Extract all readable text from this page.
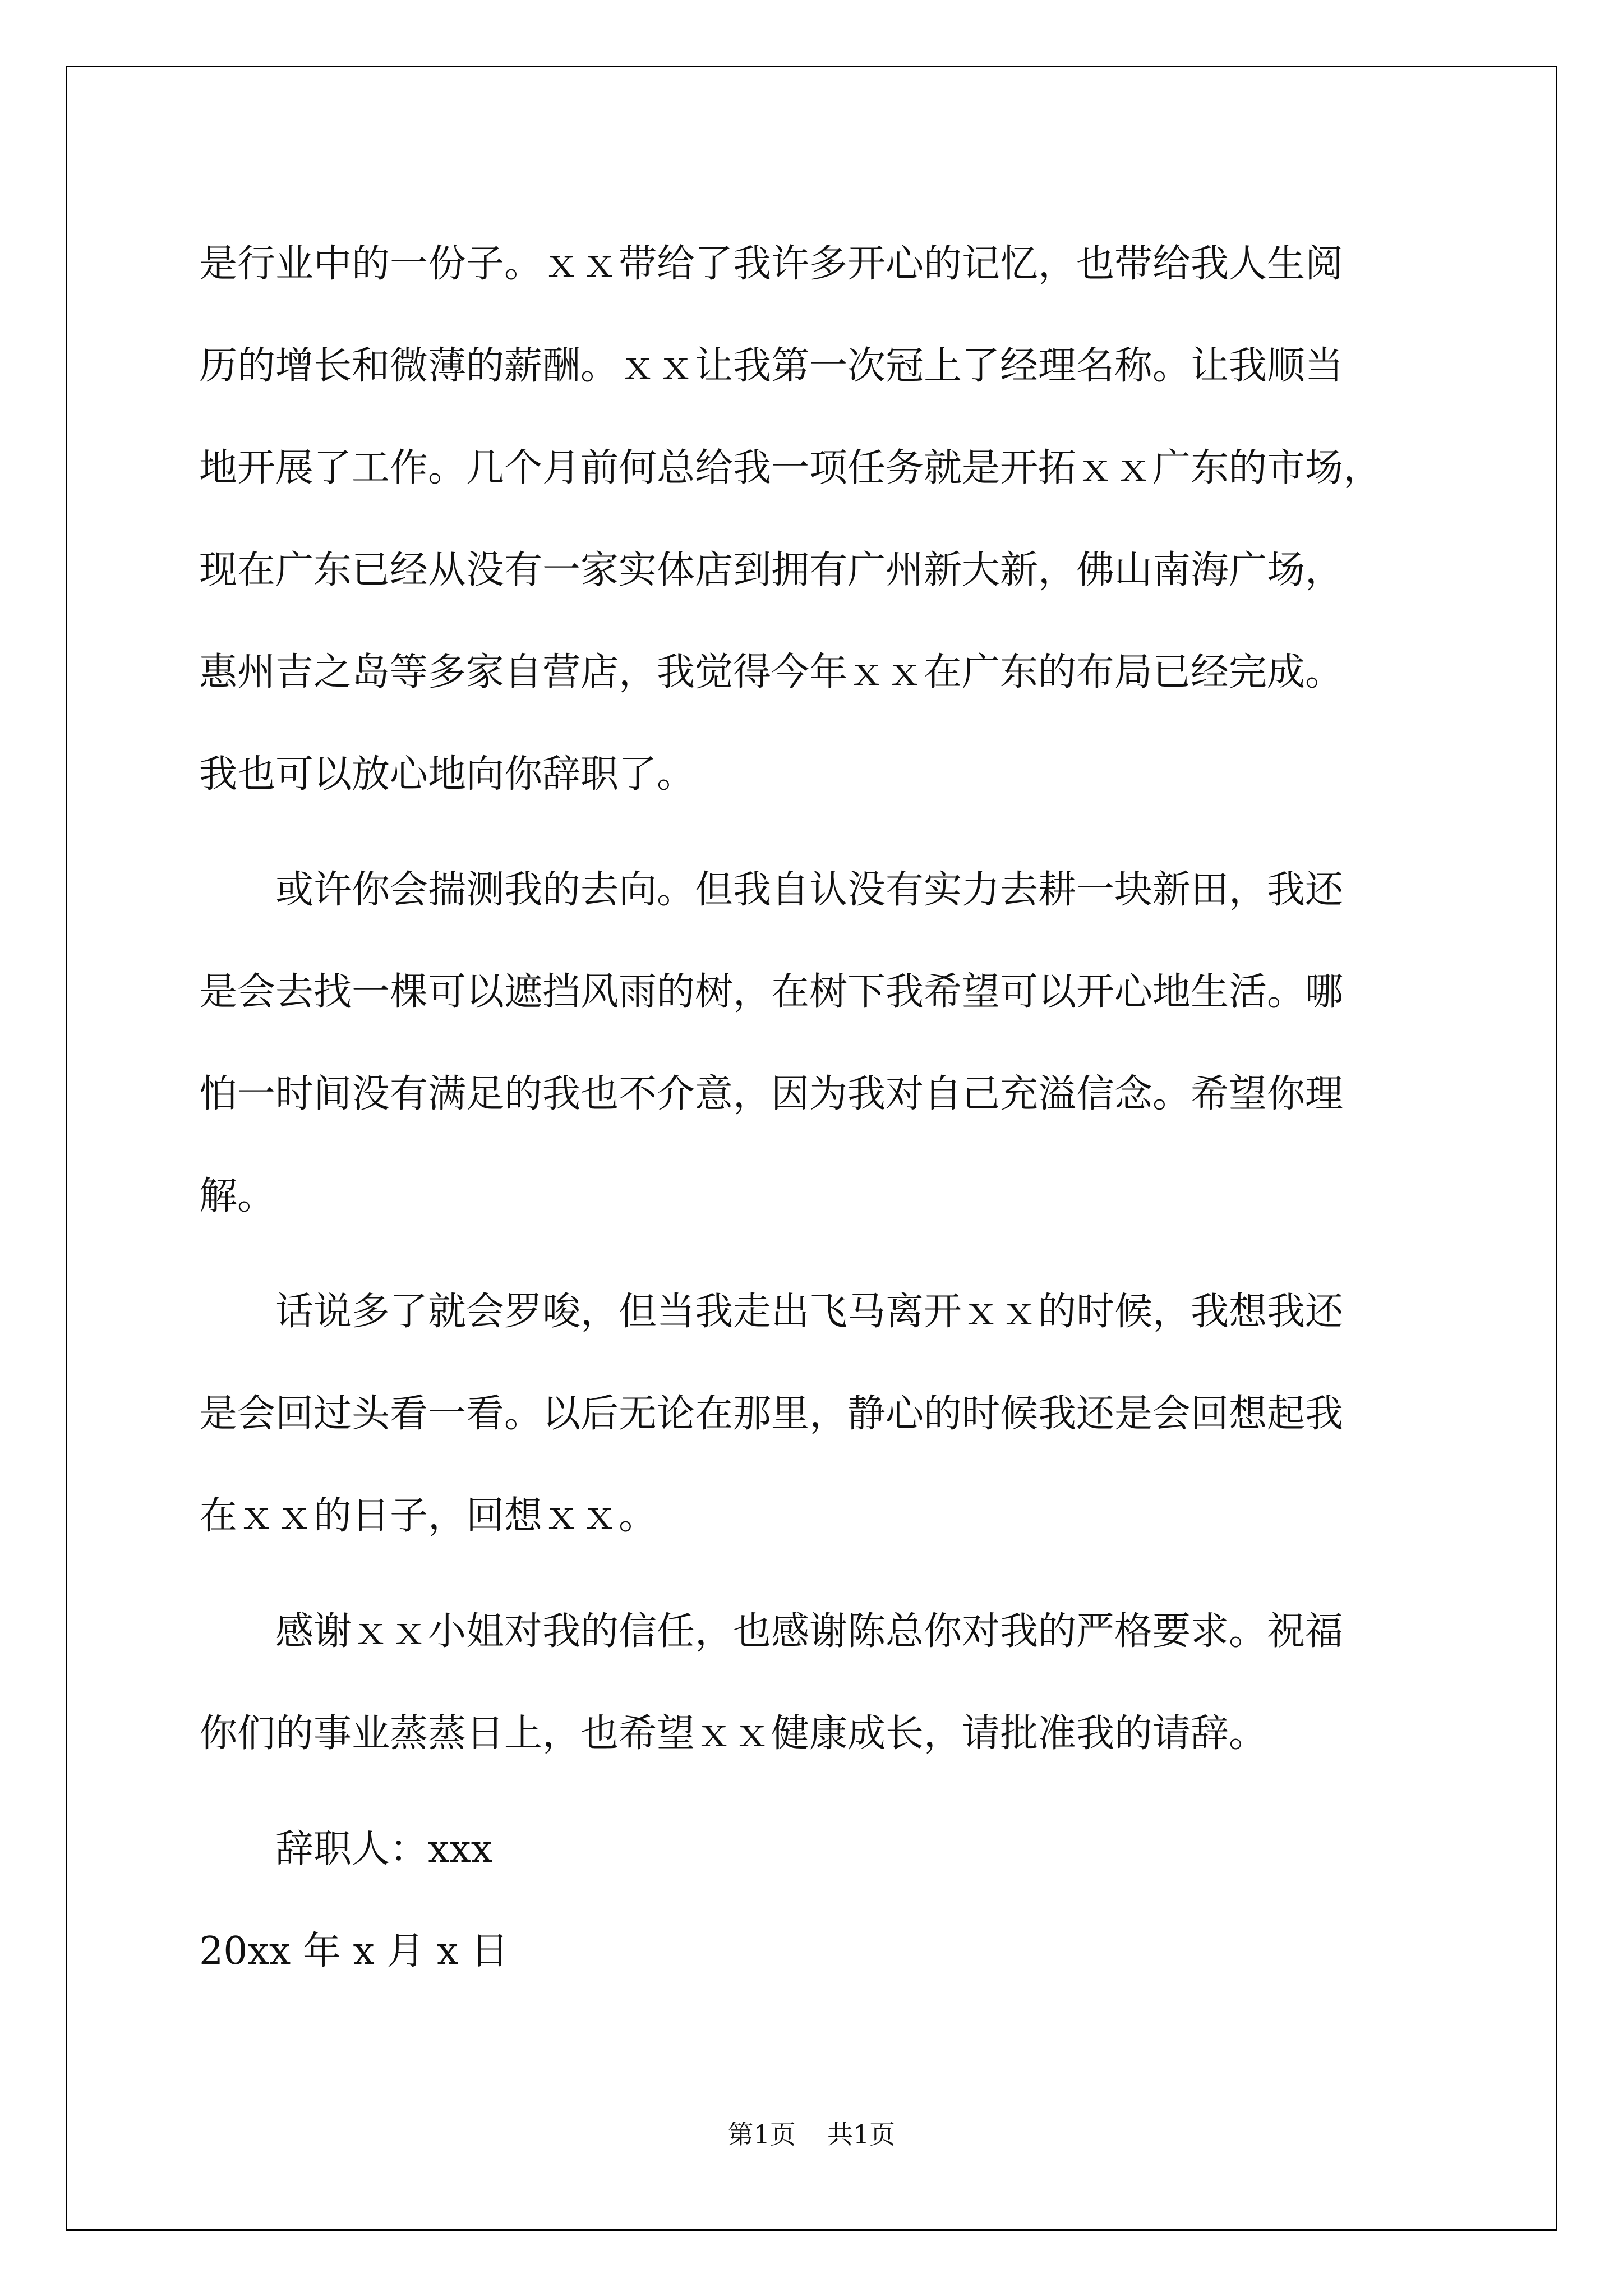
是行业中的一份子。ｘｘ带给了我许多开心的记忆，也带给我人生阅

历的增长和微薄的薪酬。ｘｘ让我第一次冠上了经理名称。让我顺当

地开展了工作。几个月前何总给我一项任务就是开拓ｘｘ广东的市场，

现在广东已经从没有一家实体店到拥有广州新大新，佛山南海广场，

惠州吉之岛等多家自营店，我觉得今年ｘｘ在广东的布局已经完成。

我也可以放心地向你辞职了。

　　或许你会揣测我的去向。但我自认没有实力去耕一块新田，我还

是会去找一棵可以遮挡风雨的树，在树下我希望可以开心地生活。哪

怕一时间没有满足的我也不介意，因为我对自己充溢信念。希望你理

解。

　　话说多了就会罗唆，但当我走出飞马离开ｘｘ的时候，我想我还

是会回过头看一看。以后无论在那里，静心的时候我还是会回想起我

在ｘｘ的日子，回想ｘｘ。

　　感谢ｘｘ小姐对我的信任，也感谢陈总你对我的严格要求。祝福

你们的事业蒸蒸日上，也希望ｘｘ健康成长，请批准我的请辞。

　　辞职人：xxx

20xx 年 x 月 x 日

第1页 共1页
